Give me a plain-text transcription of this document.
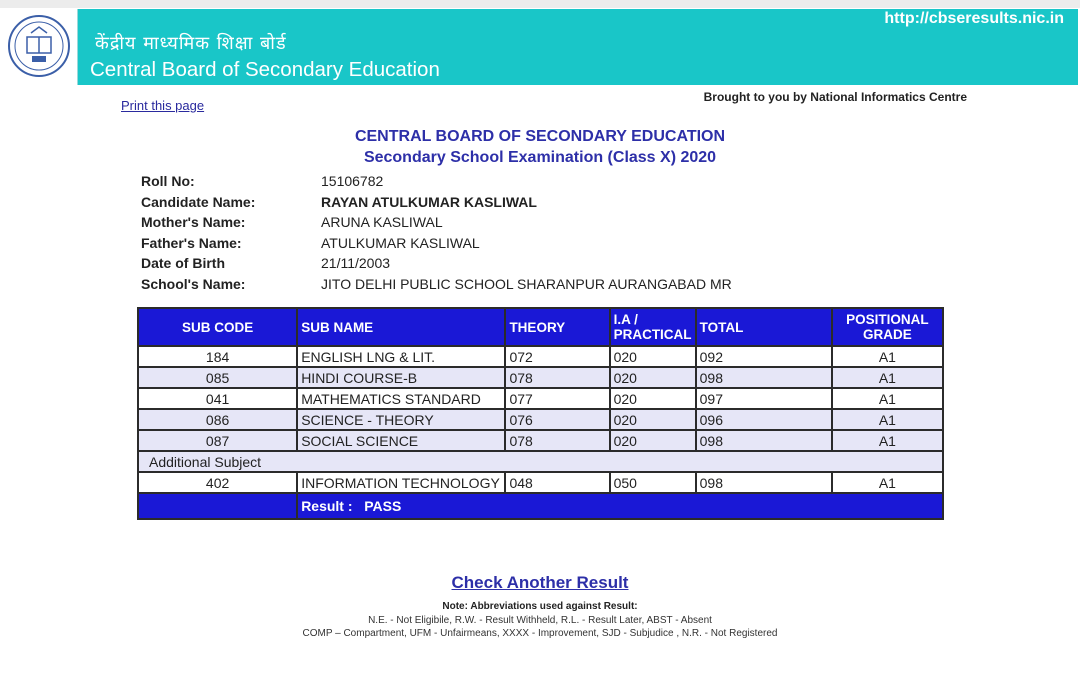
केंद्रीय माध्यमिक शिक्षा बोर्ड
Central Board of Secondary Education
http://cbseresults.nic.in
Print this page
Brought to you by National Informatics Centre
CENTRAL BOARD OF SECONDARY EDUCATION
Secondary School Examination (Class X) 2020
Roll No:	15106782
Candidate Name:	RAYAN ATULKUMAR KASLIWAL
Mother's Name:	ARUNA KASLIWAL
Father's Name:	ATULKUMAR KASLIWAL
Date of Birth	21/11/2003
School's Name:	JITO DELHI PUBLIC SCHOOL SHARANPUR AURANGABAD MR
SUB CODE	SUB NAME	THEORY	I.A / PRACTICAL	TOTAL	POSITIONAL GRADE
184	ENGLISH LNG & LIT.	072	020	092	A1
085	HINDI COURSE-B	078	020	098	A1
041	MATHEMATICS STANDARD	077	020	097	A1
086	SCIENCE - THEORY	076	020	096	A1
087	SOCIAL SCIENCE	078	020	098	A1
Additional Subject					
402	INFORMATION TECHNOLOGY	048	050	098	A1
	Result : PASS				
Check Another Result
Note: Abbreviations used against Result:
N.E. - Not Eligibile, R.W. - Result Withheld, R.L. - Result Later, ABST - Absent
COMP – Compartment, UFM - Unfairmeans, XXXX - Improvement, SJD - Subjudice , N.R. - Not Registered
